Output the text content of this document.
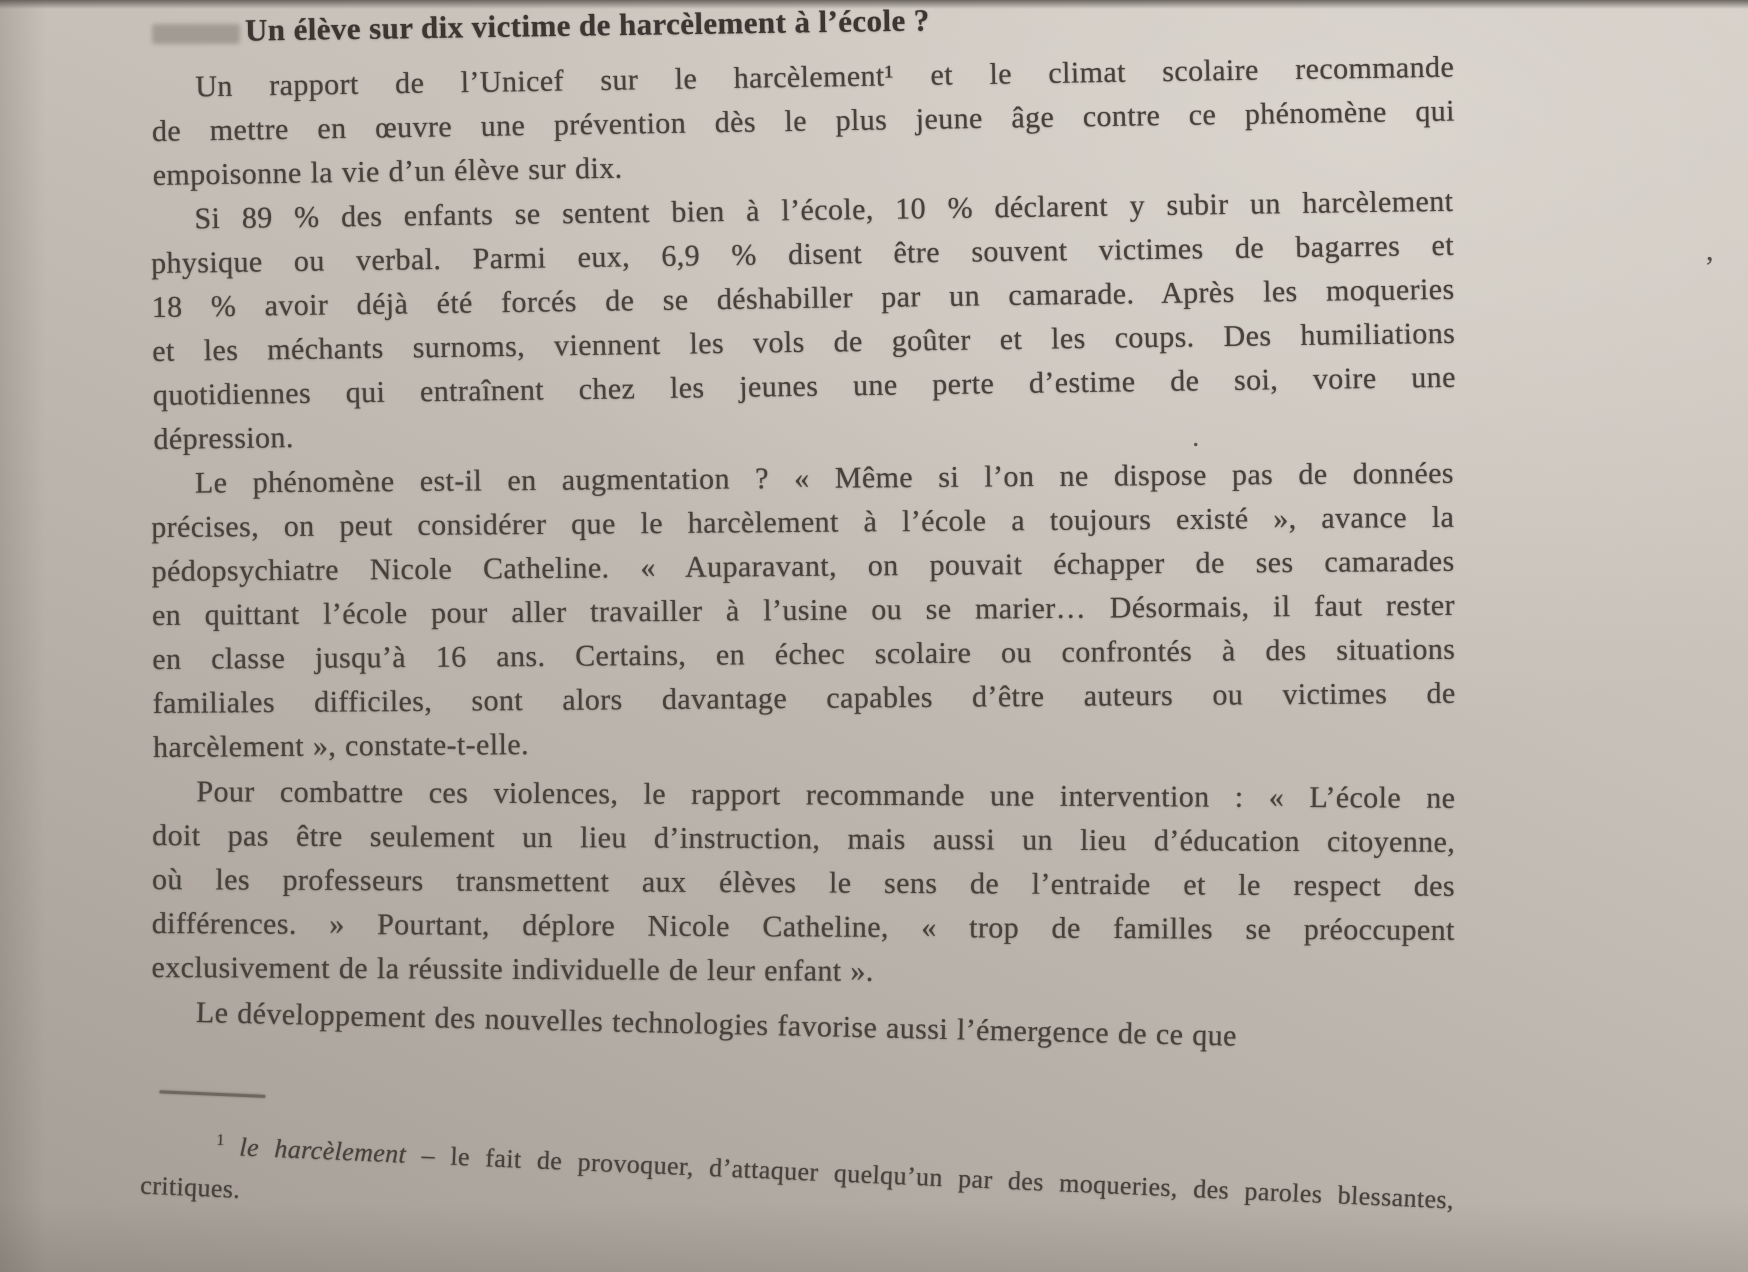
,
.
Un élève sur dix victime de harcèlement à l’école ?

Un rapport de l’Unicef sur le harcèlement¹ et le climat scolaire recommande
de mettre en œuvre une prévention dès le plus jeune âge contre ce phénomène qui
empoisonne la vie d’un élève sur dix.

Si 89 % des enfants se sentent bien à l’école, 10 % déclarent y subir un harcèlement
physique ou verbal. Parmi eux, 6,9 % disent être souvent victimes de bagarres et
18 % avoir déjà été forcés de se déshabiller par un camarade. Après les moqueries
et les méchants surnoms, viennent les vols de goûter et les coups. Des humiliations
quotidiennes qui entraînent chez les jeunes une perte d’estime de soi, voire une
dépression.

Le phénomène est-il en augmentation ? « Même si l’on ne dispose pas de données
précises, on peut considérer que le harcèlement à l’école a toujours existé », avance la
pédopsychiatre Nicole Catheline. « Auparavant, on pouvait échapper de ses camarades
en quittant l’école pour aller travailler à l’usine ou se marier… Désormais, il faut rester
en classe jusqu’à 16 ans. Certains, en échec scolaire ou confrontés à des situations
familiales difficiles, sont alors davantage capables d’être auteurs ou victimes de
harcèlement », constate-t-elle.

Pour combattre ces violences, le rapport recommande une intervention : « L’école ne
doit pas être seulement un lieu d’instruction, mais aussi un lieu d’éducation citoyenne,
où les professeurs transmettent aux élèves le sens de l’entraide et le respect des
différences. » Pourtant, déplore Nicole Catheline, « trop de familles se préoccupent
exclusivement de la réussite individuelle de leur enfant ».

Le développement des nouvelles technologies favorise aussi l’émergence de ce que

$^1$ le harcèlement – le fait de provoquer, d’attaquer quelqu’un par des moqueries, des paroles blessantes,
critiques.
